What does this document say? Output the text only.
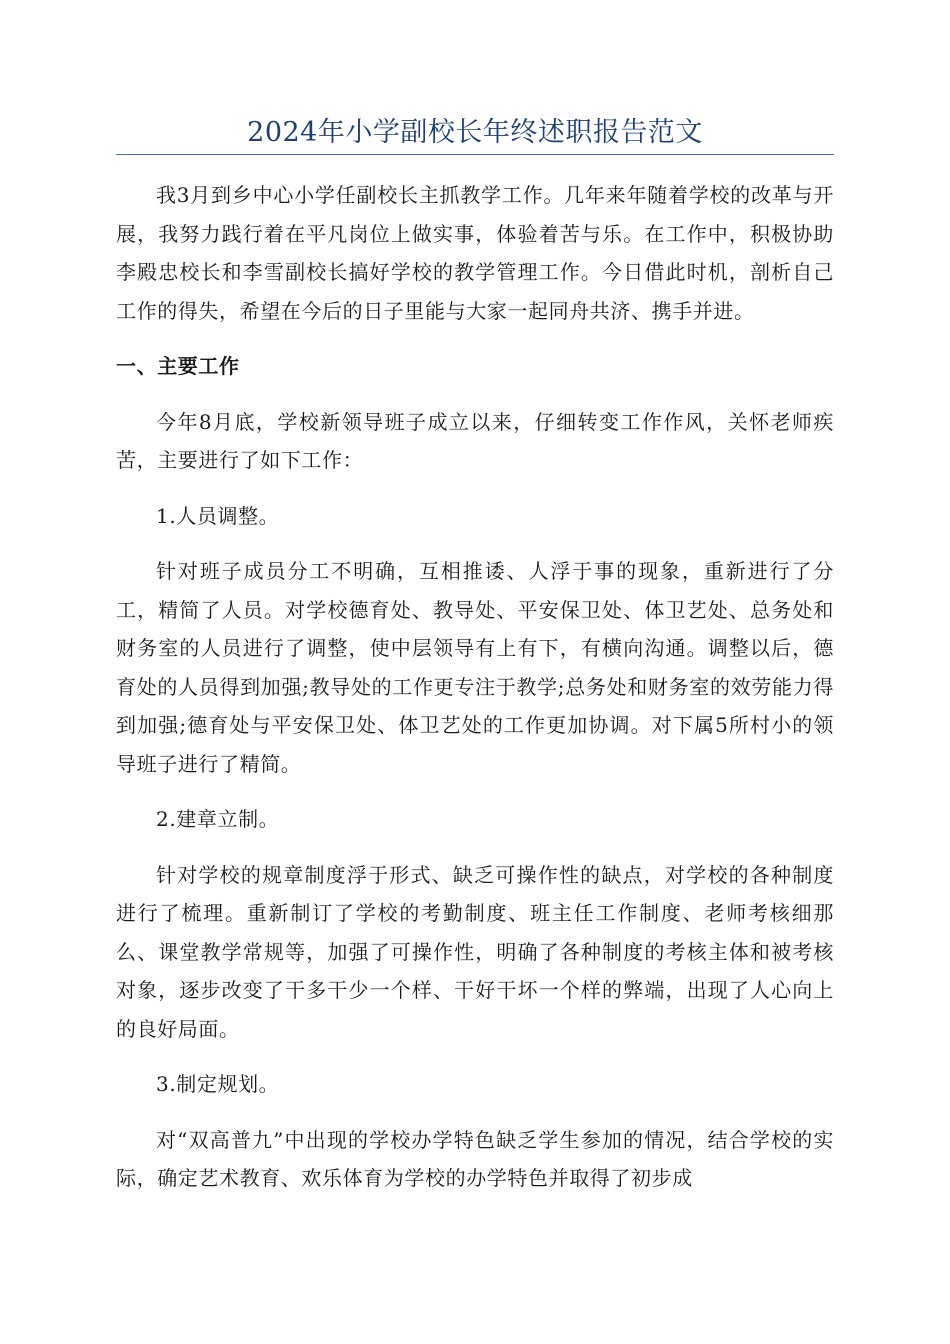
2024年小学副校长年终述职报告范文

我3月到乡中心小学任副校长主抓教学工作。几年来年随着学校的改革与开展，我努力践行着在平凡岗位上做实事，体验着苦与乐。在工作中，积极协助李殿忠校长和李雪副校长搞好学校的教学管理工作。今日借此时机，剖析自己工作的得失，希望在今后的日子里能与大家一起同舟共济、携手并进。

一、主要工作

今年8月底，学校新领导班子成立以来，仔细转变工作作风，关怀老师疾苦，主要进行了如下工作：

1.人员调整。

针对班子成员分工不明确，互相推诿、人浮于事的现象，重新进行了分工，精简了人员。对学校德育处、教导处、平安保卫处、体卫艺处、总务处和财务室的人员进行了调整，使中层领导有上有下，有横向沟通。调整以后，德育处的人员得到加强;教导处的工作更专注于教学;总务处和财务室的效劳能力得到加强;德育处与平安保卫处、体卫艺处的工作更加协调。对下属5所村小的领导班子进行了精简。

2.建章立制。

针对学校的规章制度浮于形式、缺乏可操作性的缺点，对学校的各种制度进行了梳理。重新制订了学校的考勤制度、班主任工作制度、老师考核细那么、课堂教学常规等，加强了可操作性，明确了各种制度的考核主体和被考核对象，逐步改变了干多干少一个样、干好干坏一个样的弊端，出现了人心向上的良好局面。

3.制定规划。

对“双高普九”中出现的学校办学特色缺乏学生参加的情况，结合学校的实际，确定艺术教育、欢乐体育为学校的办学特色并取得了初步成
